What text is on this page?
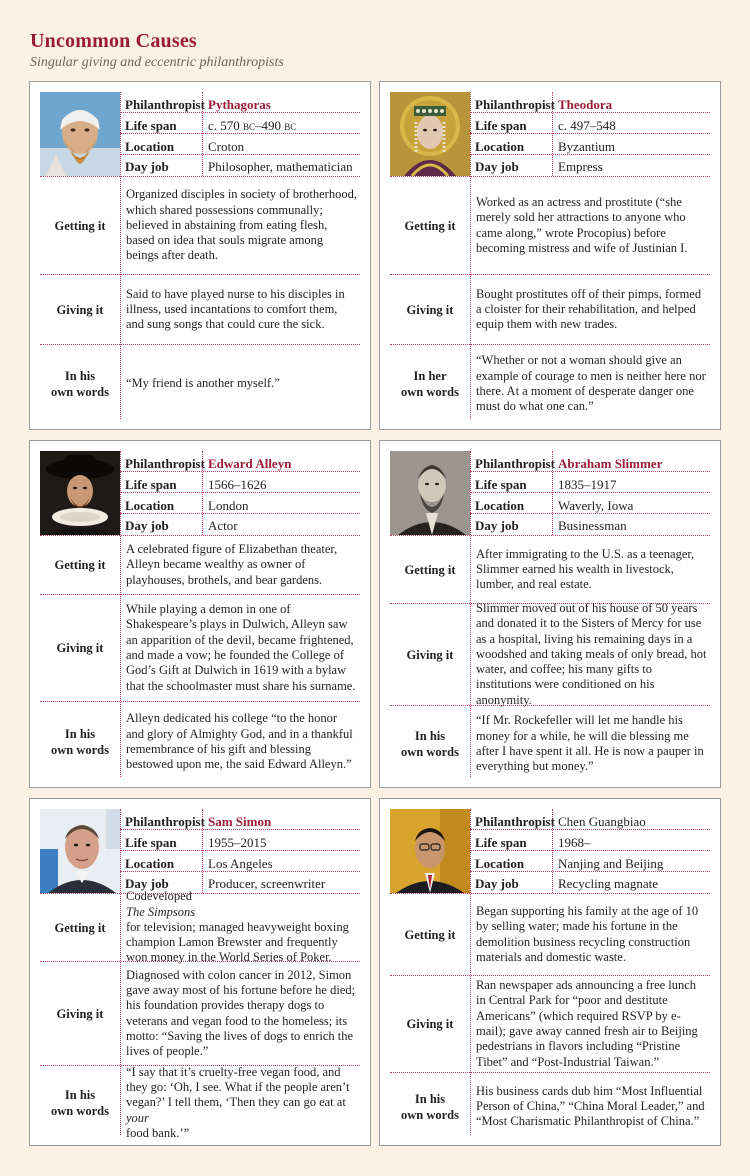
Uncommon Causes
Singular giving and eccentric philanthropists
Philanthropist Pythagoras
Life span c. 570 bc–490 bc
Location	Croton
Day job	Philosopher, mathematician
Getting it
Organized disciples in society of brotherhood, which shared possessions communally; believed in abstaining from eating flesh, based on idea that souls migrate among beings after death.
Giving it
Said to have played nurse to his disciples in illness, used incantations to comfort them, and sung songs that could cure the sick.
In his
own words
“My friend is another myself.”
Philanthropist Theodora
Life span c. 497–548
Location	Byzantium
Day job	Empress
Getting it
Worked as an actress and prostitute (“she merely sold her attractions to anyone who came along,” wrote Procopius) before becoming mistress and wife of Justinian I.
Giving it
Bought prostitutes off of their pimps, formed a cloister for their rehabilitation, and helped equip them with new trades.
In her
own words
“Whether or not a woman should give an example of courage to men is neither here nor there. At a moment of desperate danger one must do what one can.”
Philanthropist Edward Alleyn
Life span 1566–1626
Location	London
Day job	Actor
Getting it
A celebrated figure of Elizabethan theater, Alleyn became wealthy as owner of playhouses, brothels, and bear gardens.
Giving it
While playing a demon in one of Shakespeare’s plays in Dulwich, Alleyn saw an apparition of the devil, became frightened, and made a vow; he founded the College of God’s Gift at Dulwich in 1619 with a bylaw that the schoolmaster must share his surname.
In his
own words
Alleyn dedicated his college “to the honor and glory of Almighty God, and in a thankful remembrance of his gift and blessing bestowed upon me, the said Edward Alleyn.”
Philanthropist Abraham Slimmer
Life span 1835–1917
Location	Waverly, Iowa
Day job	Businessman
Getting it
After immigrating to the U.S. as a teenager, Slimmer earned his wealth in livestock, lumber, and real estate.
Giving it
Slimmer moved out of his house of 50 years and donated it to the Sisters of Mercy for use as a hospital, living his remaining days in a woodshed and taking meals of only bread, hot water, and coffee; his many gifts to institutions were conditioned on his anonymity.
In his
own words
“If Mr. Rockefeller will let me handle his money for a while, he will die blessing me after I have spent it all. He is now a pauper in everything but money.”
Philanthropist Sam Simon
Life span 1955–2015
Location	Los Angeles
Day job	Producer, screenwriter
Getting it
Codeveloped
The Simpsons
for television; managed heavyweight boxing champion Lamon Brewster and frequently won money in the World Series of Poker.
Giving it
Diagnosed with colon cancer in 2012, Simon gave away most of his fortune before he died; his foundation provides therapy dogs to veterans and vegan food to the homeless; its motto: “Saving the lives of dogs to enrich the lives of people.”
In his
own words
“I say that it’s cruelty-free vegan food, and they go: ‘Oh, I see. What if the people aren’t vegan?’ I tell them, ‘Then they can go eat at
your
food bank.’”
Philanthropist Chen Guangbiao
Life span 1968–
Location	Nanjing and Beijing
Day job	Recycling magnate
Getting it
Began supporting his family at the age of 10 by selling water; made his fortune in the demolition business recycling construction materials and domestic waste.
Giving it
Ran newspaper ads announcing a free lunch in Central Park for “poor and destitute Americans” (which required RSVP by e-mail); gave away canned fresh air to Beijing pedestrians in flavors including “Pristine Tibet” and “Post-Industrial Taiwan.”
In his
own words
His business cards dub him “Most Influential Person of China,” “China Moral Leader,” and “Most Charismatic Philanthropist of China.”
